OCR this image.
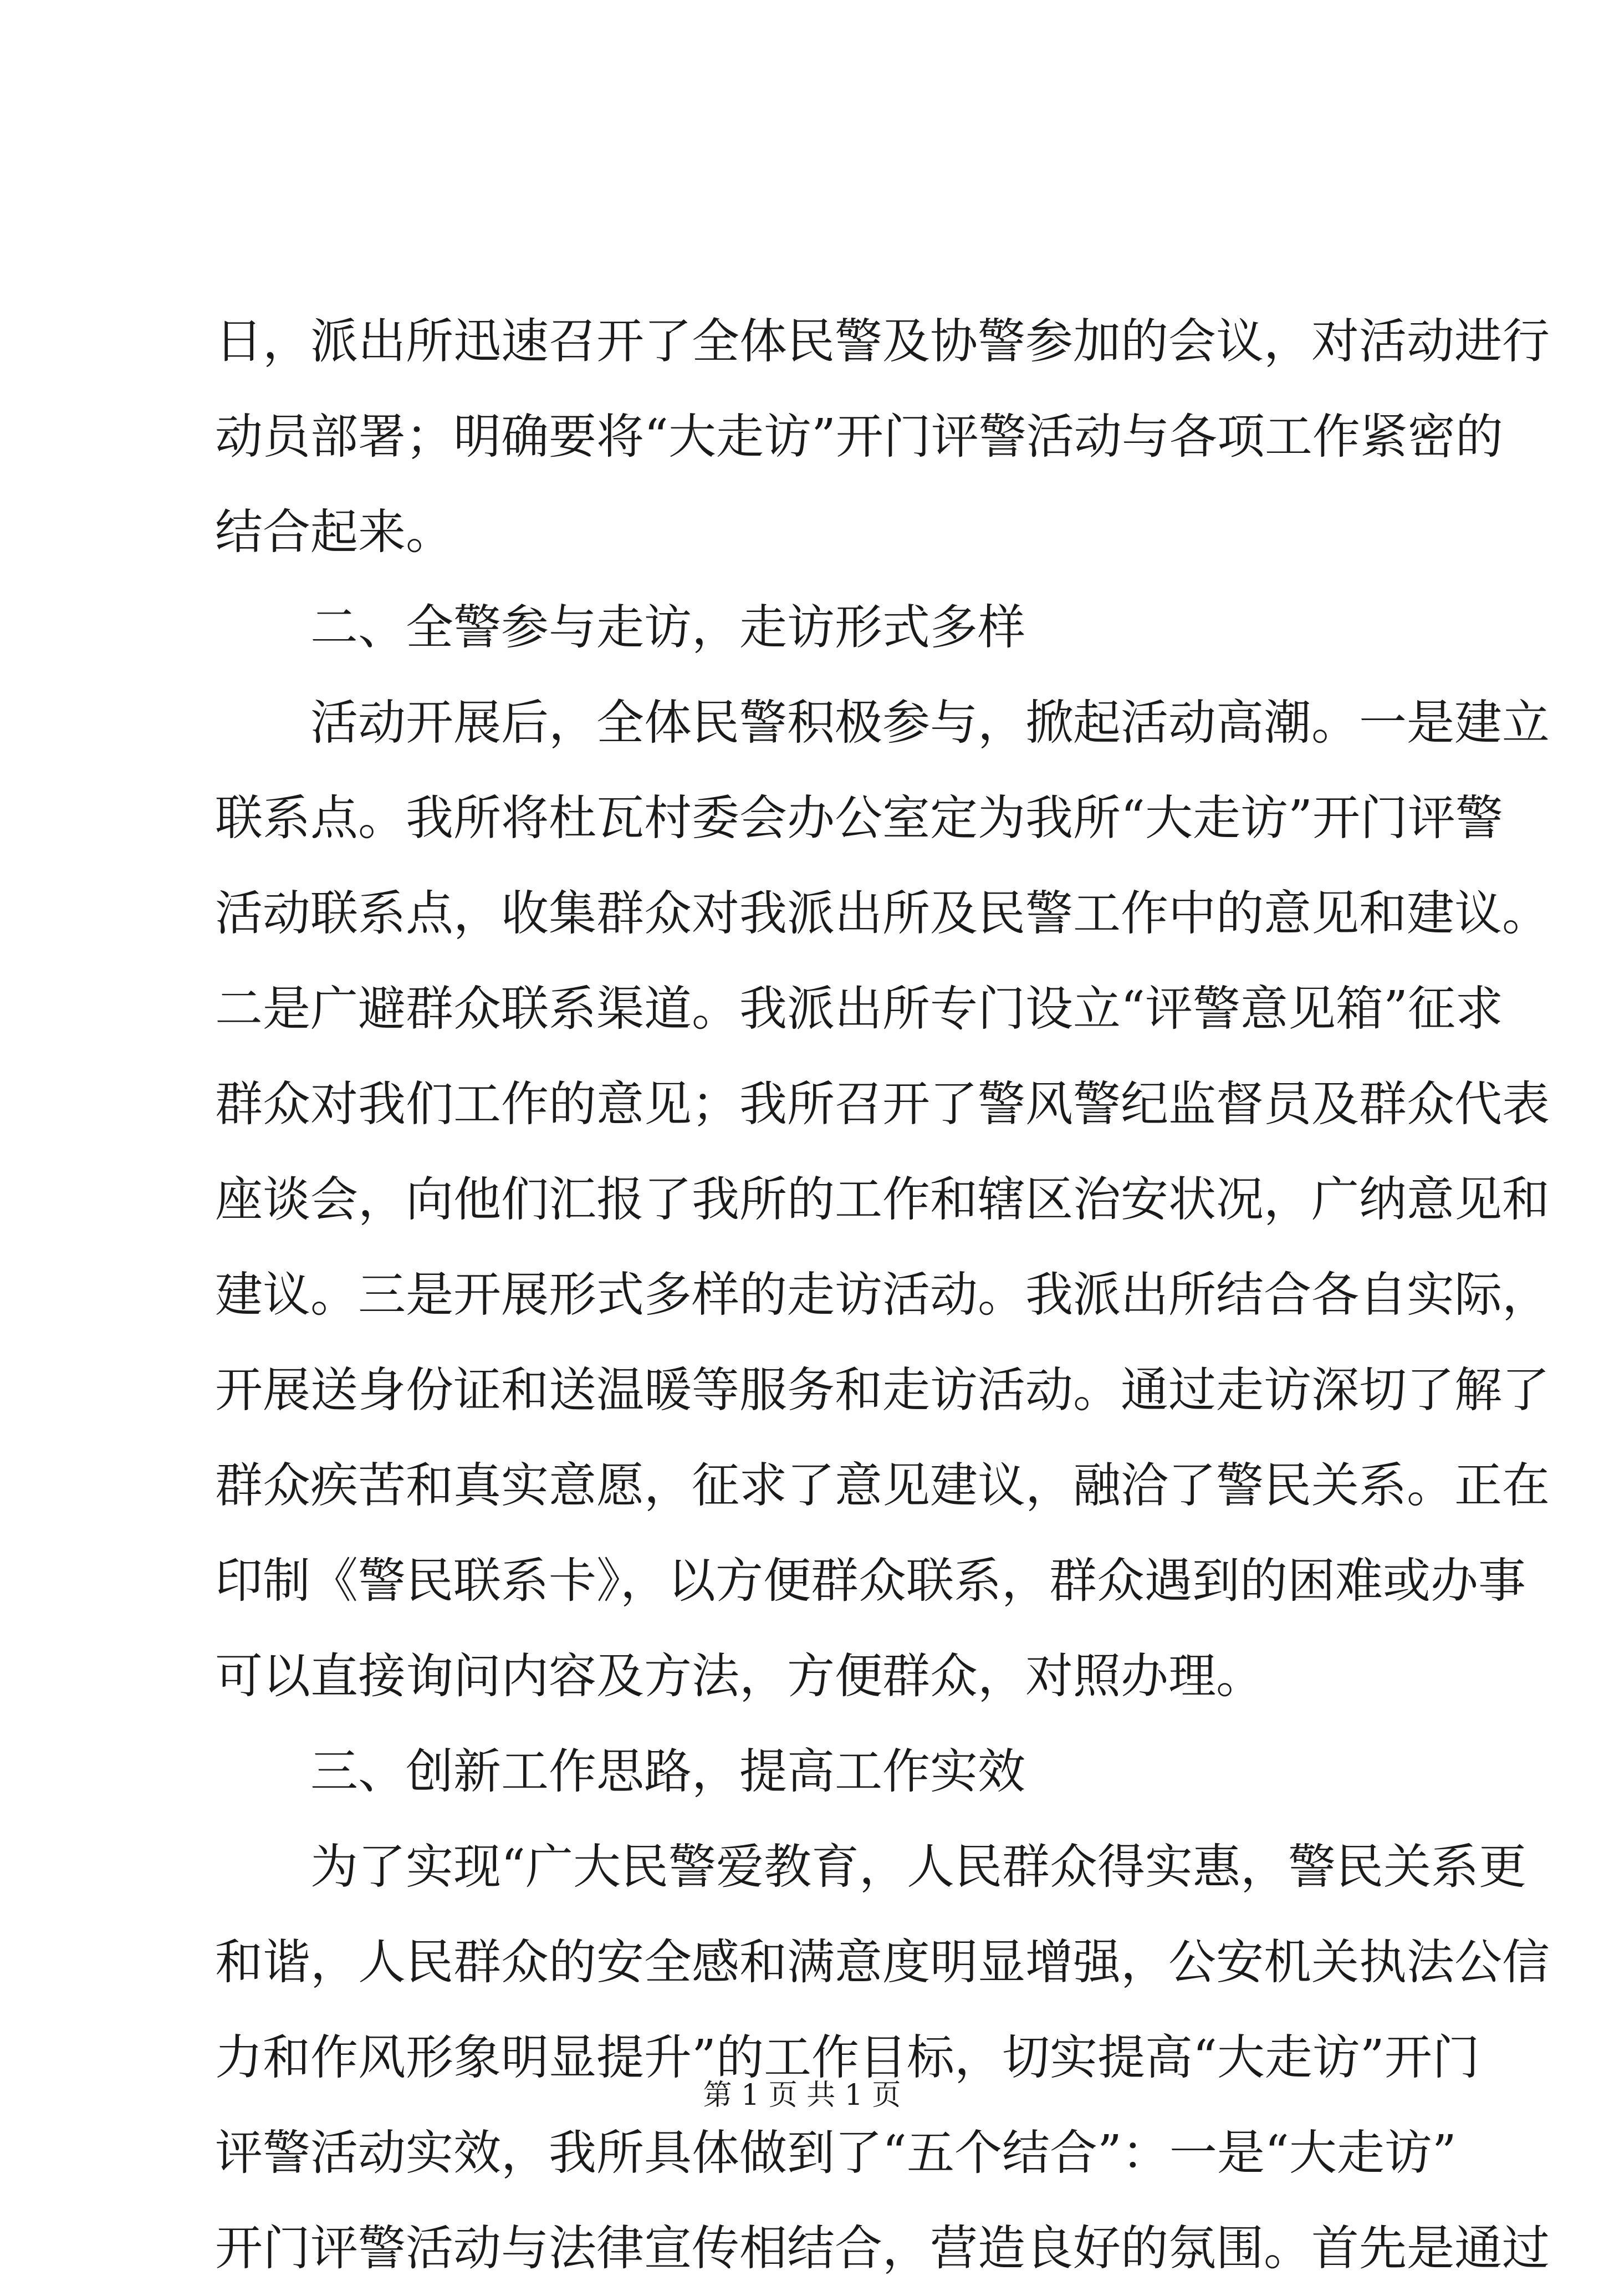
日，派出所迅速召开了全体民警及协警参加的会议，对活动进行
动员部署；明确要将“大走访”开门评警活动与各项工作紧密的
结合起来。
二、全警参与走访，走访形式多样
活动开展后，全体民警积极参与，掀起活动高潮。一是建立
联系点。我所将杜瓦村委会办公室定为我所“大走访”开门评警
活动联系点，收集群众对我派出所及民警工作中的意见和建议。
二是广避群众联系渠道。我派出所专门设立“评警意见箱”征求
群众对我们工作的意见；我所召开了警风警纪监督员及群众代表
座谈会，向他们汇报了我所的工作和辖区治安状况，广纳意见和
建议。三是开展形式多样的走访活动。我派出所结合各自实际，
开展送身份证和送温暖等服务和走访活动。通过走访深切了解了
群众疾苦和真实意愿，征求了意见建议，融洽了警民关系。正在
印制《警民联系卡》，以方便群众联系，群众遇到的困难或办事
可以直接询问内容及方法，方便群众，对照办理。
三、创新工作思路，提高工作实效
为了实现“广大民警爱教育，人民群众得实惠，警民关系更
和谐，人民群众的安全感和满意度明显增强，公安机关执法公信
力和作风形象明显提升”的工作目标，切实提高“大走访”开门
评警活动实效，我所具体做到了“五个结合”：一是“大走访”
开门评警活动与法律宣传相结合，营造良好的氛围。首先是通过
第 1 页 共 1 页
